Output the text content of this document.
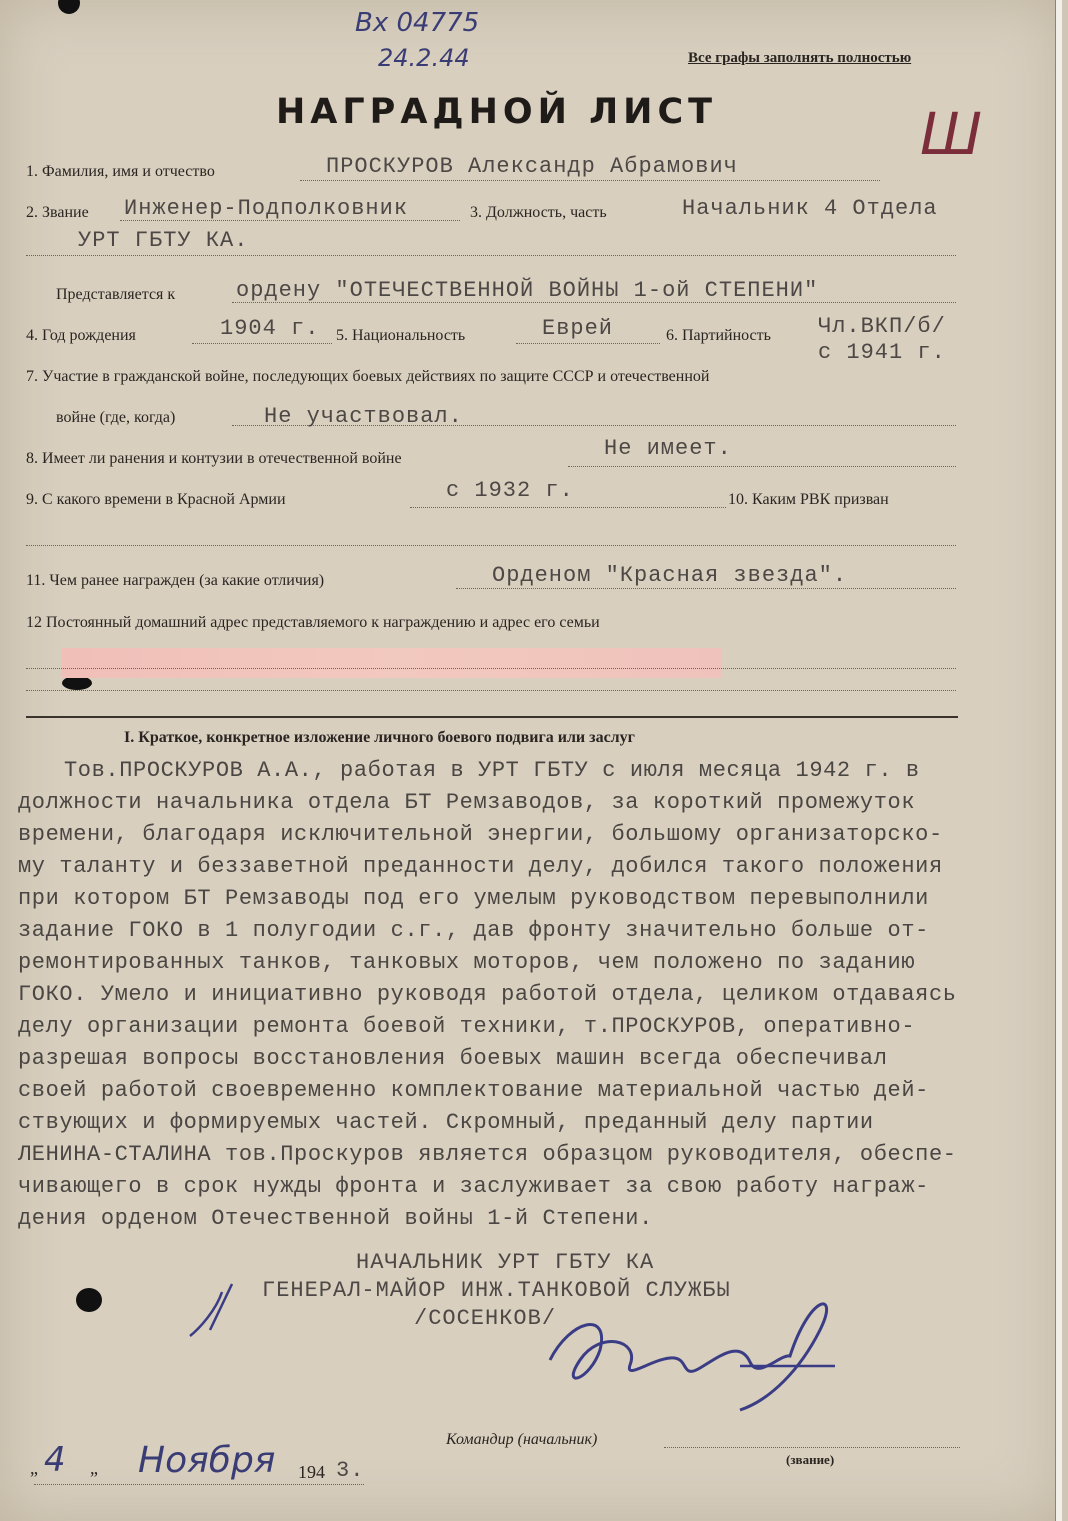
Вх 04775
24.2.44	Все графы заполнять полностью
Ш
НАГРАДНОЙ ЛИСТ
1. Фамилия, имя и отчество	ПРОСКУРОВ Александр Абрамович
2. Звание Инженер-Подполковник	3. Должность, часть	Начальник 4 Отдела
УРТ ГБТУ КА.
Представляется к	ордену "ОТЕЧЕСТВЕННОЙ ВОЙНЫ 1-ой СТЕПЕНИ"
4. Год рождения	1904 г. 5. Национальность	Еврей	6. Партийность Чл.ВКП/б/
с 1941 г.
7. Участие в гражданской войне, последующих боевых действиях по защите СССР и отечественной
войне (где, когда)	Не участвовал.
8. Имеет ли ранения и контузии в отечественной войне	Не имеет.
9. С какого времени в Красной Армии	с 1932 г.	10. Каким РВК призван
11. Чем ранее награжден (за какие отличия)	Орденом "Красная звезда".
12 Постоянный домашний адрес представляемого к награждению и адрес его семьи
I. Краткое, конкретное изложение личного боевого подвига или заслуг
Тов.ПРОСКУРОВ А.А., работая в УРТ ГБТУ с июля месяца 1942 г. в
должности начальника отдела БТ Ремзаводов, за короткий промежуток
времени, благодаря исключительной энергии, большому организаторско-
му таланту и беззаветной преданности делу, добился такого положения
при котором БТ Ремзаводы под его умелым руководством перевыполнили
задание ГОКО в 1 полугодии с.г., дав фронту значительно больше от-
ремонтированных танков, танковых моторов, чем положено по заданию
ГОКО. Умело и инициативно руководя работой отдела, целиком отдаваясь
делу организации ремонта боевой техники, т.ПРОСКУРОВ, оперативно-
разрешая вопросы восстановления боевых машин всегда обеспечивал
своей работой своевременно комплектование материальной частью дей-
ствующих и формируемых частей. Скромный, преданный делу партии
ЛЕНИНА-СТАЛИНА тов.Проскуров является образцом руководителя, обеспе-
чивающего в срок нужды фронта и заслуживает за свою работу награж-
дения орденом Отечественной войны 1-й Степени.
НАЧАЛЬНИК УРТ ГБТУ КА
ГЕНЕРАЛ-МАЙОР ИНЖ.ТАНКОВОЙ СЛУЖБЫ
/СОСЕНКОВ/
Командир (начальник)
(звание)
„ 4 „ Ноября 194 3.
